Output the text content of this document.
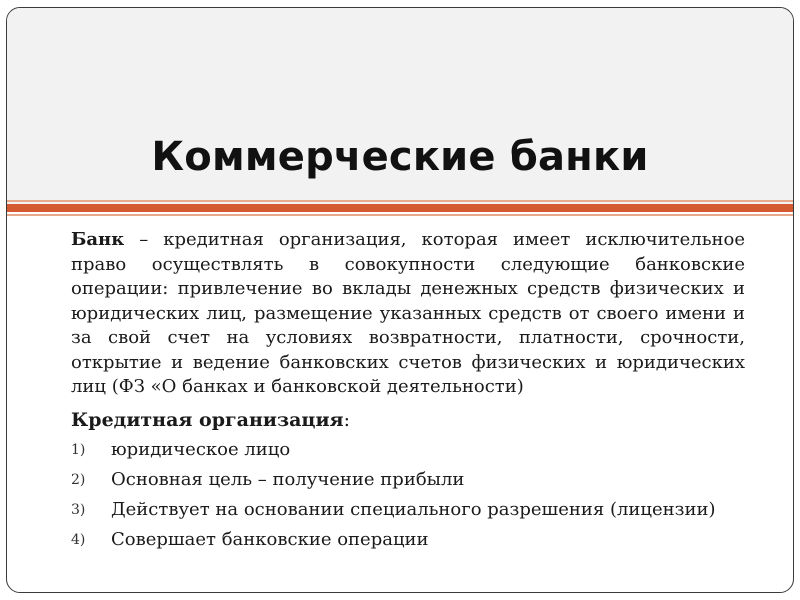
Коммерческие банки

Банк – кредитная организация, которая имеет исключительное право осуществлять в совокупности следующие банковские операции: привлечение во вклады денежных средств физических и юридических лиц, размещение указанных средств от своего имени и за свой счет на условиях возвратности, платности, срочности, открытие и ведение банковских счетов физических и юридических лиц (ФЗ «О банках и банковской деятельности)

Кредитная организация:

1) юридическое лицо
2) Основная цель – получение прибыли
3) Действует на основании специального разрешения (лицензии)
4) Совершает банковские операции
